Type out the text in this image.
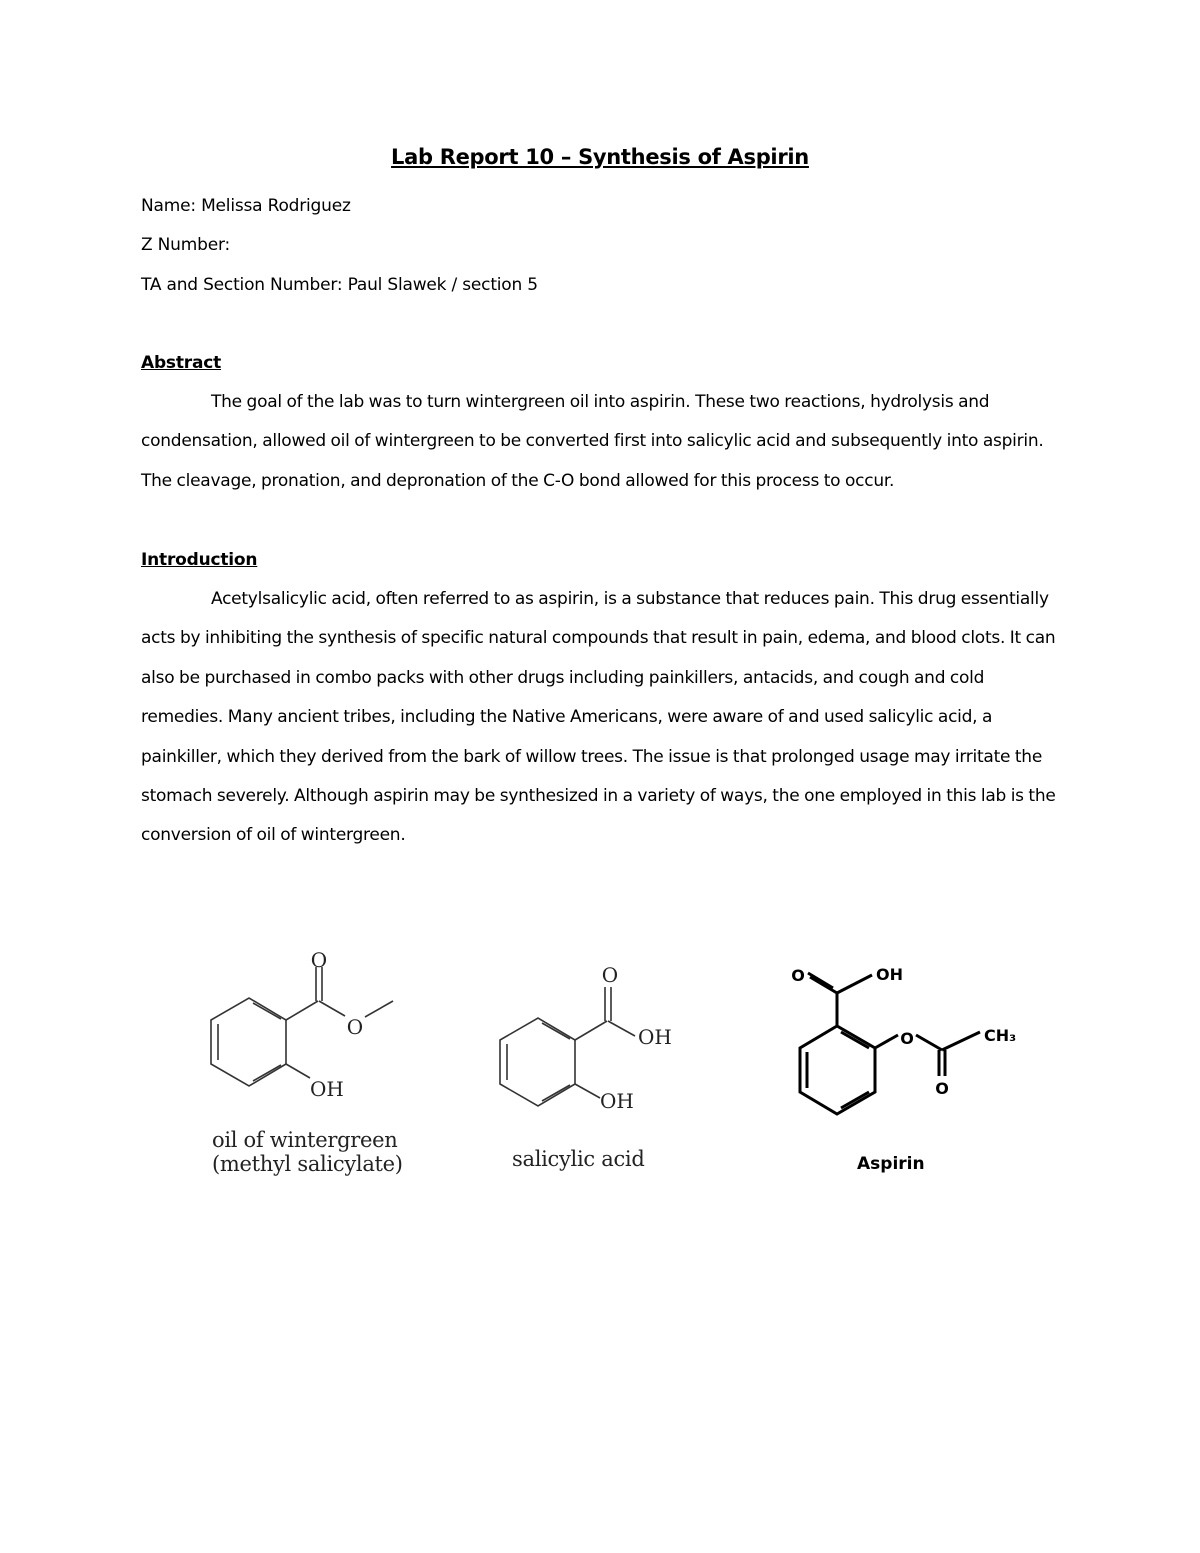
Lab Report 10 – Synthesis of Aspirin
Name: Melissa Rodriguez
Z Number:
TA and Section Number: Paul Slawek / section 5
Abstract

The goal of the lab was to turn wintergreen oil into aspirin. These two reactions, hydrolysis and condensation, allowed oil of wintergreen to be converted first into salicylic acid and subsequently into aspirin. The cleavage, pronation, and depronation of the C-O bond allowed for this process to occur.

Introduction

Acetylsalicylic acid, often referred to as aspirin, is a substance that reduces pain. This drug essentially acts by inhibiting the synthesis of specific natural compounds that result in pain, edema, and blood clots. It can also be purchased in combo packs with other drugs including painkillers, antacids, and cough and cold remedies. Many ancient tribes, including the Native Americans, were aware of and used salicylic acid, a painkiller, which they derived from the bark of willow trees. The issue is that prolonged usage may irritate the stomach severely. Although aspirin may be synthesized in a variety of ways, the one employed in this lab is the conversion of oil of wintergreen.

O
O
OH
oil of wintergreen
(methyl salicylate)
O
OH
OH
salicylic acid
O	OH
O	CH₃
O
Aspirin
